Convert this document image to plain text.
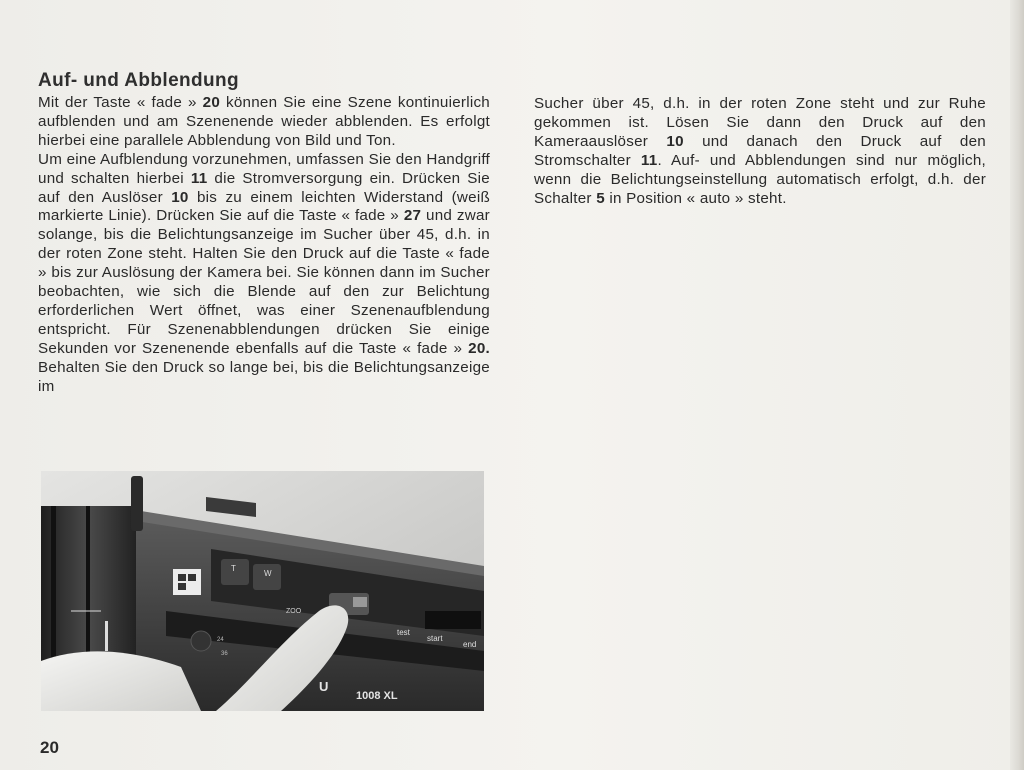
Auf- und Abblendung

Mit der Taste « fade » 20 können Sie eine Szene kontinuierlich aufblenden und am Szenenende wieder abblenden. Es erfolgt hierbei eine parallele Abblendung von Bild und Ton.

Um eine Aufblendung vorzunehmen, umfassen Sie den Handgriff und schalten hierbei 11 die Stromversorgung ein. Drücken Sie auf den Auslöser 10 bis zu einem leichten Widerstand (weiß markierte Linie). Drücken Sie auf die Taste « fade » 27 und zwar solange, bis die Belichtungsanzeige im Sucher über 45, d.h. in der roten Zone steht. Halten Sie den Druck auf die Taste « fade » bis zur Auslösung der Kamera bei. Sie können dann im Sucher beobachten, wie sich die Blende auf den zur Belichtung erforderlichen Wert öffnet, was einer Szenenaufblendung entspricht. Für Szenenabblendungen drücken Sie einige Sekunden vor Szenenende ebenfalls auf die Taste « fade » 20. Behalten Sie den Druck so lange bei, bis die Belichtungsanzeige im

Sucher über 45, d.h. in der roten Zone steht und zur Ruhe gekommen ist. Lösen Sie dann den Druck auf den Kameraauslöser 10 und danach den Druck auf den Stromschalter 11. Auf- und Abblendungen sind nur möglich, wenn die Belichtungseinstellung automatisch erfolgt, d.h. der Schalter 5 in Position « auto » steht.

T
W
ZOO
test
start
end
1008 XL
U
24
36
20
